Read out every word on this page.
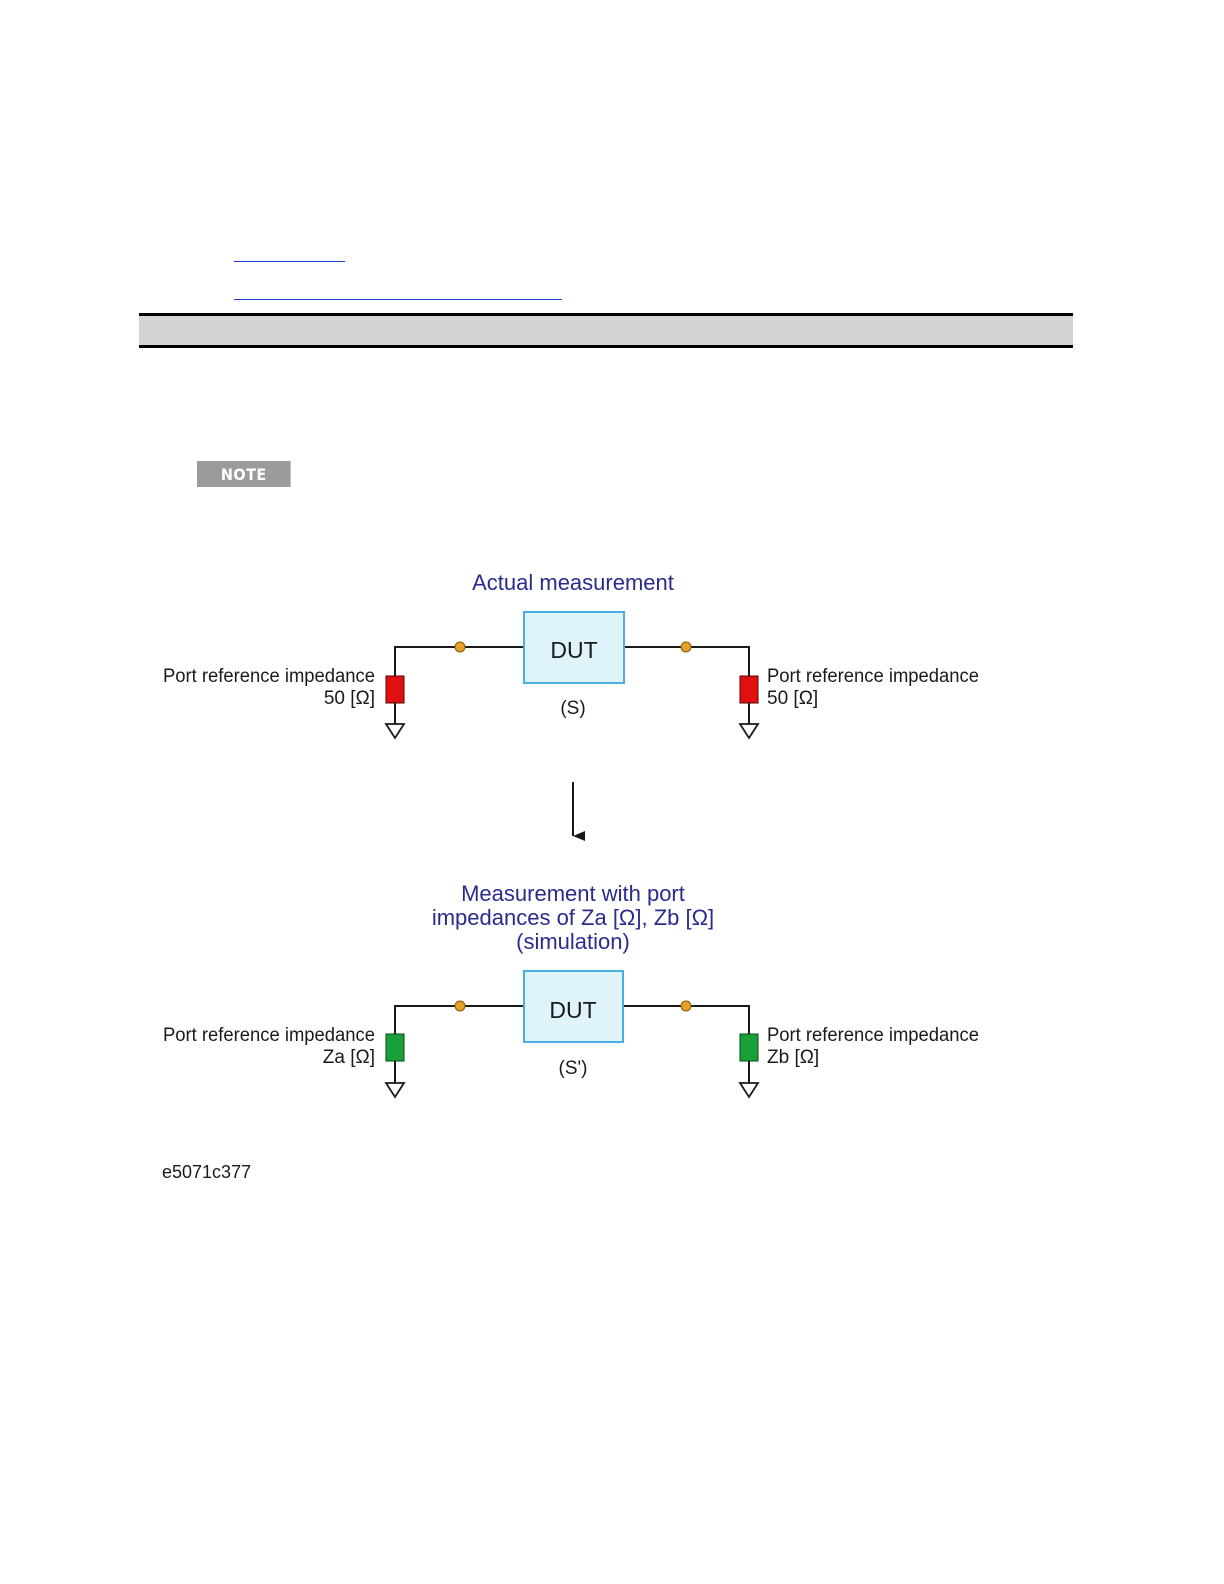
NOTE
Actual measurement
DUT
(S)
Port reference impedance
50 [Ω]
Port reference impedance
50 [Ω]
Measurement with port
impedances of Za [Ω], Zb [Ω]
(simulation)
DUT
(S')
Port reference impedance
Za [Ω]
Port reference impedance
Zb [Ω]
e5071c377
